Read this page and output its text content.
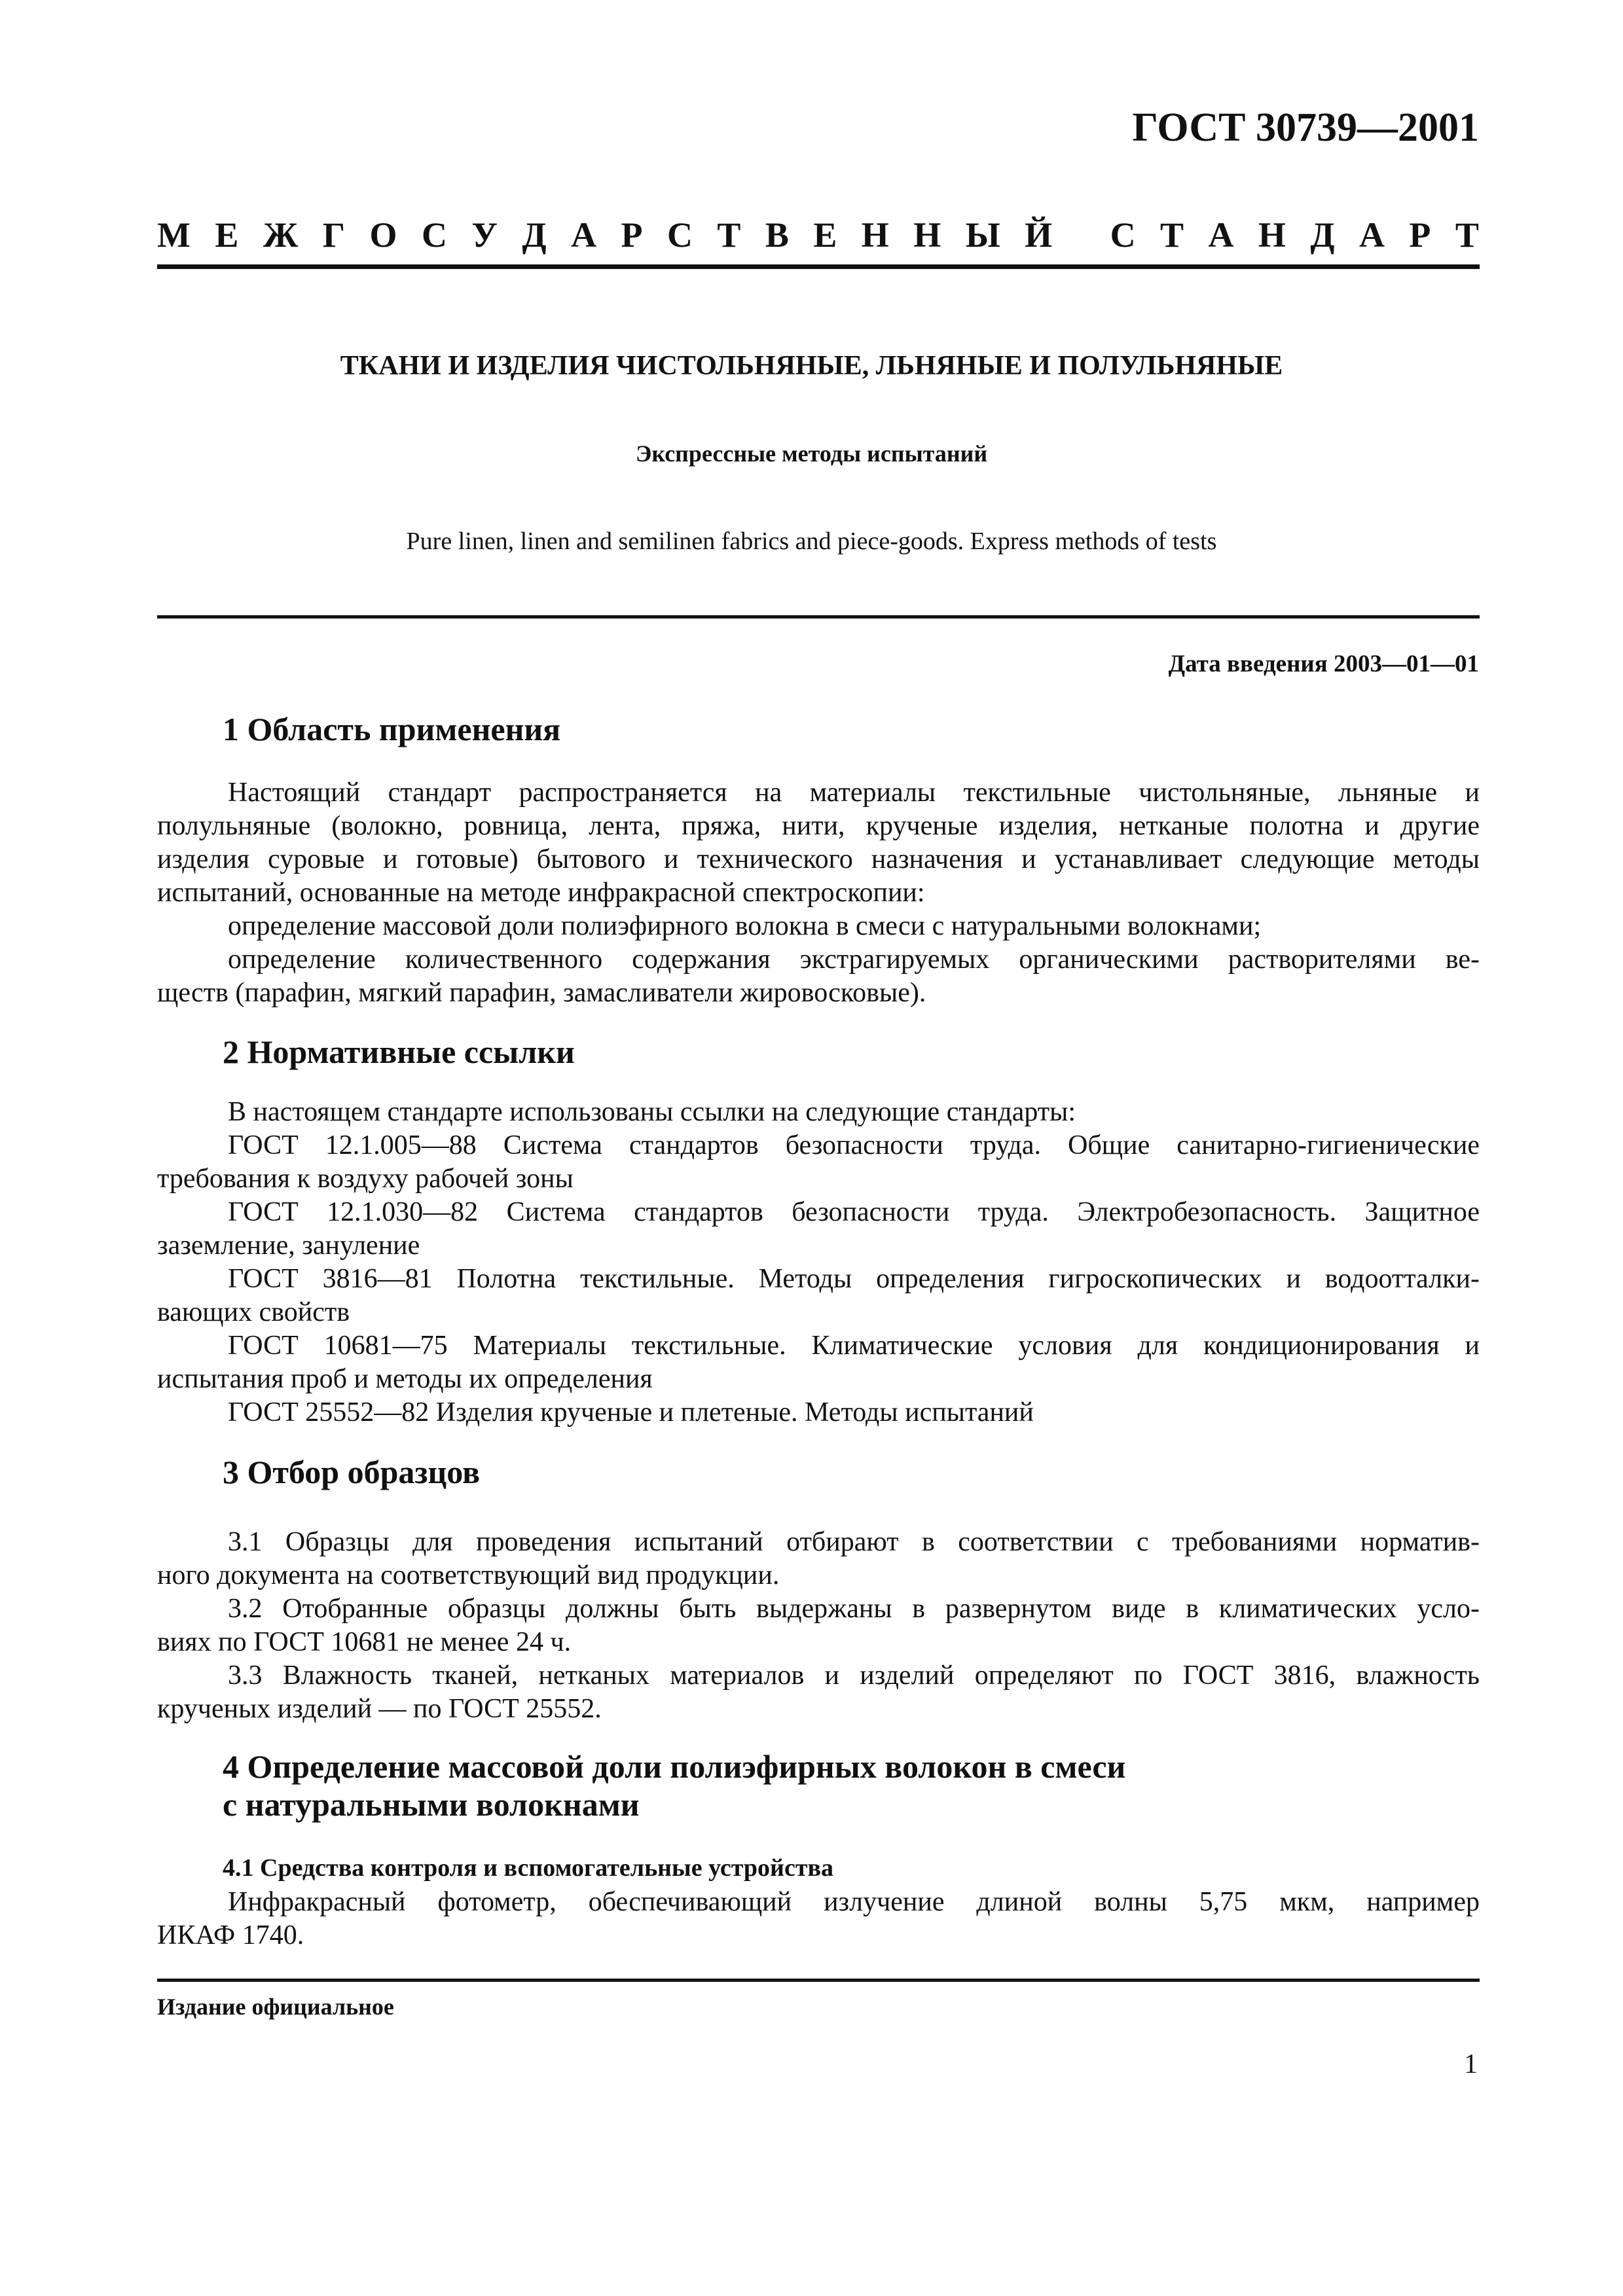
ГОСТ 30739—2001
М Е Ж Г О С У Д А Р С Т В Е Н Н Ы Й
С Т А Н Д А Р Т
ТКАНИ И ИЗДЕЛИЯ ЧИСТОЛЬНЯНЫЕ, ЛЬНЯНЫЕ И ПОЛУЛЬНЯНЫЕ
Экспрессные методы испытаний
Pure linen, linen and semilinen fabrics and piece-goods. Express methods of tests
Дата введения 2003—01—01
1 Область применения
Настоящий стандарт распространяется на материалы текстильные чистольняные, льняные и
полульняные (волокно, ровница, лента, пряжа, нити, крученые изделия, нетканые полотна и другие
изделия суровые и готовые) бытового и технического назначения и устанавливает следующие методы
испытаний, основанные на методе инфракрасной спектроскопии:
определение массовой доли полиэфирного волокна в смеси с натуральными волокнами;
определение количественного содержания экстрагируемых органическими растворителями ве-
ществ (парафин, мягкий парафин, замасливатели жировосковые).
2 Нормативные ссылки
В настоящем стандарте использованы ссылки на следующие стандарты:
ГОСТ 12.1.005—88 Система стандартов безопасности труда. Общие санитарно-гигиенические
требования к воздуху рабочей зоны
ГОСТ 12.1.030—82 Система стандартов безопасности труда. Электробезопасность. Защитное
заземление, зануление
ГОСТ 3816—81 Полотна текстильные. Методы определения гигроскопических и водоотталки-
вающих свойств
ГОСТ 10681—75 Материалы текстильные. Климатические условия для кондиционирования и
испытания проб и методы их определения
ГОСТ 25552—82 Изделия крученые и плетеные. Методы испытаний
3 Отбор образцов
3.1 Образцы для проведения испытаний отбирают в соответствии с требованиями норматив-
ного документа на соответствующий вид продукции.
3.2 Отобранные образцы должны быть выдержаны в развернутом виде в климатических усло-
виях по ГОСТ 10681 не менее 24 ч.
3.3 Влажность тканей, нетканых материалов и изделий определяют по ГОСТ 3816, влажность
крученых изделий — по ГОСТ 25552.
4 Определение массовой доли полиэфирных волокон в смеси
с натуральными волокнами
4.1 Средства контроля и вспомогательные устройства
Инфракрасный фотометр, обеспечивающий излучение длиной волны 5,75 мкм, например
ИКАФ 1740.
Издание официальное
1
